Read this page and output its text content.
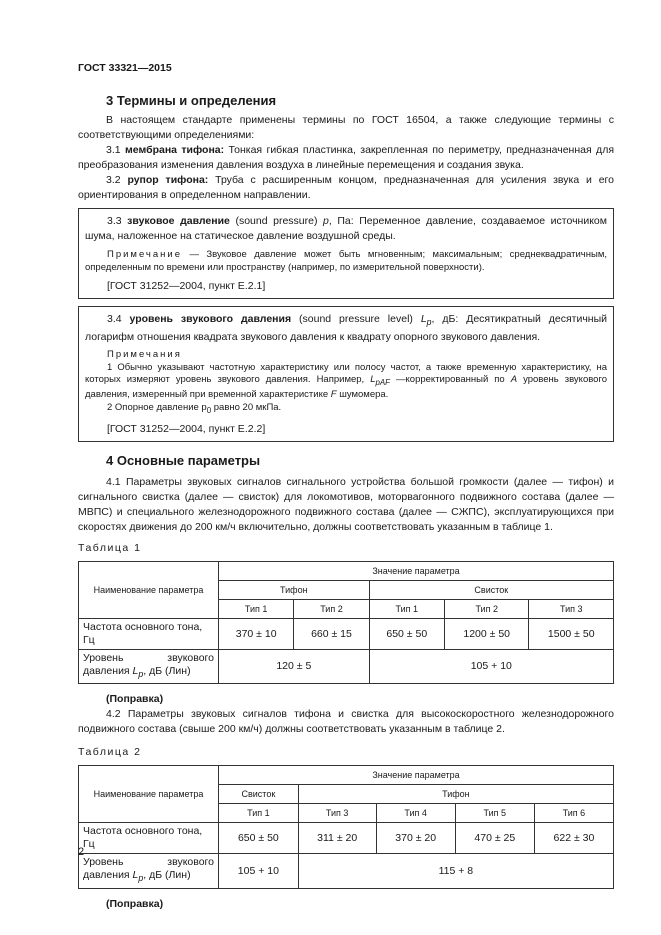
ГОСТ 33321—2015
3 Термины и определения

В настоящем стандарте применены термины по ГОСТ 16504, а также следующие термины с соответствующими определениями:

3.1 мембрана тифона: Тонкая гибкая пластинка, закрепленная по периметру, предназначенная для преобразования изменения давления воздуха в линейные перемещения и создания звука.

3.2 рупор тифона: Труба с расширенным концом, предназначенная для усиления звука и его ориентирования в определенном направлении.

3.3 звуковое давление (sound pressure) p, Па: Переменное давление, создаваемое источником шума, наложенное на статическое давление воздушной среды.

Примечание — Звуковое давление может быть мгновенным; максимальным; среднеквадратичным, определенным по времени или пространству (например, по измерительной поверхности).

[ГОСТ 31252—2004, пункт Е.2.1]

3.4 уровень звукового давления (sound pressure level) $L_p$, дБ: Десятикратный десятичный логарифм отношения квадрата звукового давления к квадрату опорного звукового давления.

Примечания

1 Обычно указывают частотную характеристику или полосу частот, а также временную характеристику, на которых измеряют уровень звукового давления. Например, $L_{pAF}$ —корректированный по A уровень звукового давления, измеренный при временной характеристике F шумомера.

2 Опорное давление $p_0$ равно 20 мкПа.

[ГОСТ 31252—2004, пункт Е.2.2]

4 Основные параметры

4.1 Параметры звуковых сигналов сигнального устройства большой громкости (далее — тифон) и сигнального свистка (далее — свисток) для локомотивов, моторвагонного подвижного состава (далее — МВПС) и специального железнодорожного подвижного состава (далее — СЖПС), эксплуатирующихся при скоростях движения до 200 км/ч включительно, должны соответствовать указанным в таблице 1.

Таблица 1
Наименование параметра	Значение параметра				
	Тифон		Свисток		
	Тип 1	Тип 2	Тип 1	Тип 2	Тип 3
Частота основного тона, Гц	370 ± 10	660 ± 15	650 ± 50	1200 ± 50	1500 ± 50
Уровень звукового давления $L_p$, дБ (Лин)	120 ± 5		105 + 10		
(Поправка)

4.2 Параметры звуковых сигналов тифона и свистка для высокоскоростного железнодорожного подвижного состава (свыше 200 км/ч) должны соответствовать указанным в таблице 2.

Таблица 2
Наименование параметра	Значение параметра				
	Свисток	Тифон			
	Тип 1	Тип 3	Тип 4	Тип 5	Тип 6
Частота основного тона, Гц	650 ± 50	311 ± 20	370 ± 20	470 ± 25	622 ± 30
Уровень звукового давления $L_p$, дБ (Лин)	105 + 10	115 + 8			
(Поправка)
2
